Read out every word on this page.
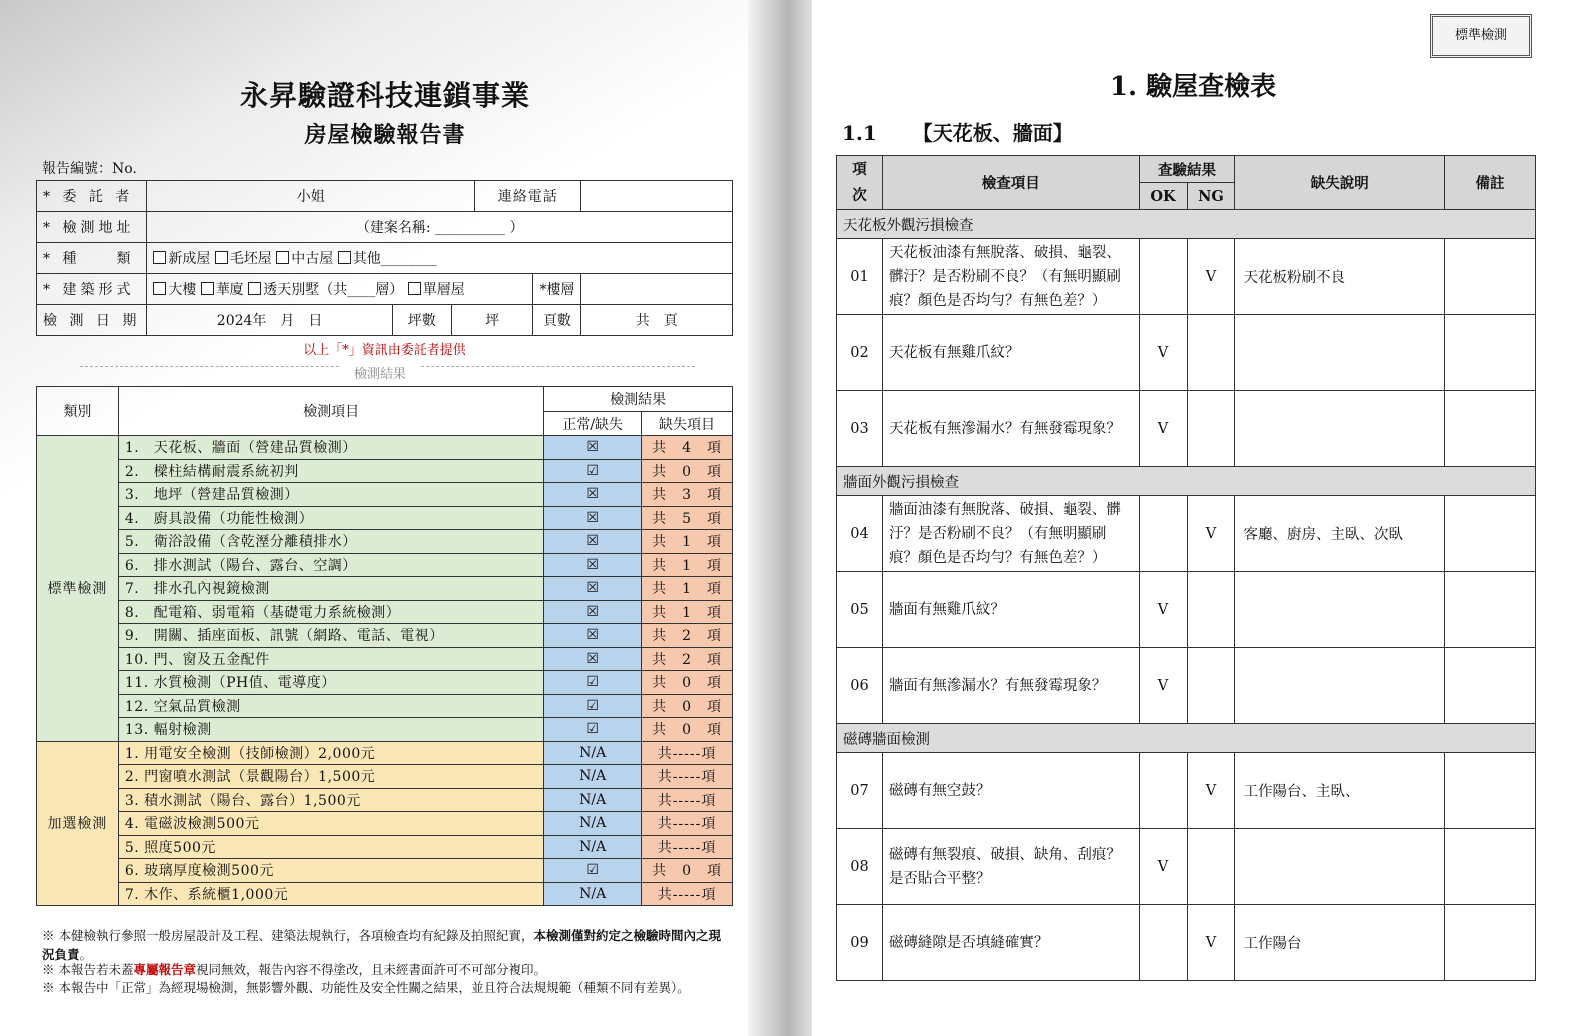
永昇驗證科技連鎖事業
房屋檢驗報告書
報告編號：No.
* 委 託 者	小姐			連絡電話		
* 檢測地址	（建案名稱: __________ ）					
* 種　　類	新成屋 毛坯屋 中古屋 其他________					
* 建築形式	大樓 華廈 透天別墅（共____層） 單層屋				*樓層	
檢 測 日 期	2024年　月　日	坪數	坪		頁數	共　頁
以上「*」資訊由委託者提供
檢測結果
類別	檢測項目	檢測結果	
		正常/缺失	缺失項目
標準檢測	1.　天花板、牆面（營建品質檢測）	☒	共　4　項
	2.　樑柱結構耐震系統初判	☑	共　0　項
	3.　地坪（營建品質檢測）	☒	共　3　項
	4.　廚具設備（功能性檢測）	☒	共　5　項
	5.　衛浴設備（含乾溼分離積排水）	☒	共　1　項
	6.　排水測試（陽台、露台、空調）	☒	共　1　項
	7.　排水孔內視鏡檢測	☒	共　1　項
	8.　配電箱、弱電箱（基礎電力系統檢測）	☒	共　1　項
	9.　開關、插座面板、訊號（網路、電話、電視）	☒	共　2　項
	10. 門、窗及五金配件	☒	共　2　項
	11. 水質檢測（PH值、電導度）	☑	共　0　項
	12. 空氣品質檢測	☑	共　0　項
	13. 輻射檢測	☑	共　0　項
加選檢測	1. 用電安全檢測（技師檢測）2,000元	N/A	共-----項
	2. 門窗噴水測試（景觀陽台）1,500元	N/A	共-----項
	3. 積水測試（陽台、露台）1,500元	N/A	共-----項
	4. 電磁波檢測500元	N/A	共-----項
	5. 照度500元	N/A	共-----項
	6. 玻璃厚度檢測500元	☑	共　0　項
	7. 木作、系統櫃1,000元	N/A	共-----項
※ 本健檢執行參照一般房屋設計及工程、建築法規執行，各項檢查均有紀錄及拍照紀實，本檢測僅對約定之檢驗時間內之現況負責。
※ 本報告若未蓋專屬報告章視同無效，報告內容不得塗改，且未經書面許可不可部分複印。
※ 本報告中「正常」為經現場檢測，無影響外觀、功能性及安全性關之結果，並且符合法規規範（種類不同有差異）。
標準檢測
1. 驗屋查檢表
1.1 【天花板、牆面】
項
次	檢查項目	查驗結果		缺失說明	備註
		OK	NG		
天花板外觀污損檢查					
01	天花板油漆有無脫落、破損、龜裂、髒汙？是否粉刷不良？（有無明顯刷痕？顏色是否均勻？有無色差？）		V	天花板粉刷不良	
02	天花板有無雞爪紋？	V			
03	天花板有無滲漏水？有無發霉現象？	V			
牆面外觀污損檢查					
04	牆面油漆有無脫落、破損、龜裂、髒汙？是否粉刷不良？（有無明顯刷痕？顏色是否均勻？有無色差？）		V	客廳、廚房、主臥、次臥	
05	牆面有無雞爪紋？	V			
06	牆面有無滲漏水？有無發霉現象？	V			
磁磚牆面檢測					
07	磁磚有無空鼓？		V	工作陽台、主臥、	
08	磁磚有無裂痕、破損、缺角、刮痕？是否貼合平整？	V			
09	磁磚縫隙是否填縫確實？		V	工作陽台	
